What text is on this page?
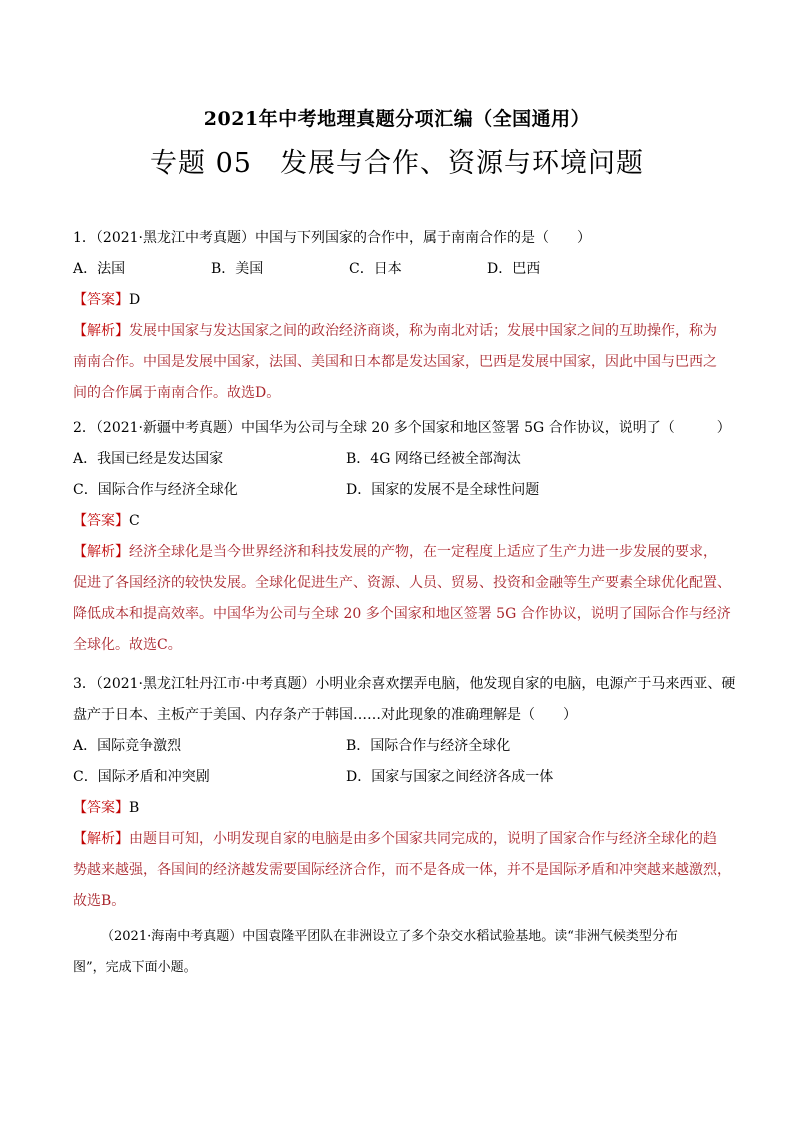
2021年中考地理真题分项汇编（全国通用）
专题 05　发展与合作、资源与环境问题
1．（2021·黑龙江中考真题）中国与下列国家的合作中，属于南南合作的是（　　）
A．法国	B．美国	C．日本	D．巴西
【答案】D
【解析】发展中国家与发达国家之间的政治经济商谈，称为南北对话；发展中国家之间的互助操作，称为
南南合作。中国是发展中国家，法国、美国和日本都是发达国家，巴西是发展中国家，因此中国与巴西之
间的合作属于南南合作。故选D。
2．（2021·新疆中考真题）中国华为公司与全球 20 多个国家和地区签署 5G 合作协议，说明了（　　　）
A．我国已经是发达国家	B．4G 网络已经被全部淘汰
C．国际合作与经济全球化	D．国家的发展不是全球性问题
【答案】C
【解析】经济全球化是当今世界经济和科技发展的产物，在一定程度上适应了生产力进一步发展的要求，
促进了各国经济的较快发展。全球化促进生产、资源、人员、贸易、投资和金融等生产要素全球优化配置、
降低成本和提高效率。中国华为公司与全球 20 多个国家和地区签署 5G 合作协议，说明了国际合作与经济
全球化。故选C。
3．（2021·黑龙江牡丹江市·中考真题）小明业余喜欢摆弄电脑，他发现自家的电脑，电源产于马来西亚、硬
盘产于日本、主板产于美国、内存条产于韩国……对此现象的准确理解是（　　）
A．国际竞争激烈	B．国际合作与经济全球化
C．国际矛盾和冲突剧	D．国家与国家之间经济各成一体
【答案】B
【解析】由题目可知，小明发现自家的电脑是由多个国家共同完成的，说明了国家合作与经济全球化的趋
势越来越强，各国间的经济越发需要国际经济合作，而不是各成一体，并不是国际矛盾和冲突越来越激烈，
故选B。
（2021·海南中考真题）中国袁隆平团队在非洲设立了多个杂交水稻试验基地。读“非洲气候类型分布
图”，完成下面小题。
